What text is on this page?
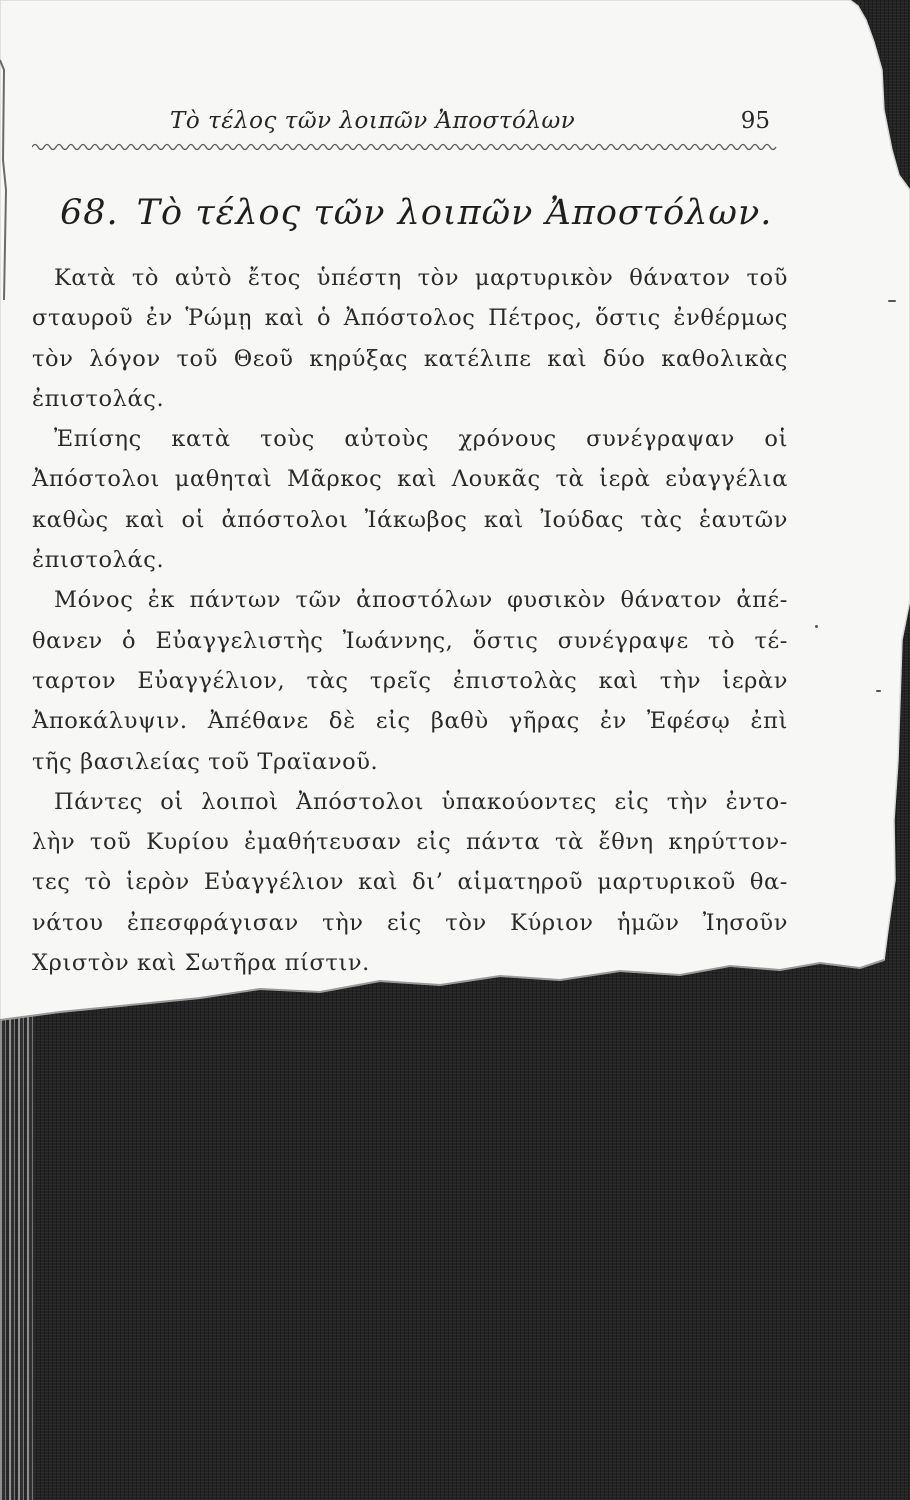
Τὸ τέλος τῶν λοιπῶν Ἀποστόλων	95
68. Τὸ τέλος τῶν λοιπῶν Ἀποστόλων.
Κατὰ τὸ αὐτὸ ἔτος ὑπέστη τὸν μαρτυρικὸν θάνατον τοῦ
σταυροῦ ἐν Ῥώμῃ καὶ ὁ Ἀπόστολος Πέτρος, ὅστις ἐνθέρμως
τὸν λόγον τοῦ Θεοῦ κηρύξας κατέλιπε καὶ δύο καθολικὰς
ἐπιστολάς.
Ἐπίσης κατὰ τοὺς αὐτοὺς χρόνους συνέγραψαν οἱ
Ἀπόστολοι μαθηταὶ Μᾶρκος καὶ Λουκᾶς τὰ ἱερὰ εὐαγγέλια
καθὼς καὶ οἱ ἀπόστολοι Ἰάκωβος καὶ Ἰούδας τὰς ἑαυτῶν
ἐπιστολάς.
Μόνος ἐκ πάντων τῶν ἀποστόλων φυσικὸν θάνατον ἀπέ-
θανεν ὁ Εὐαγγελιστὴς Ἰωάννης, ὅστις συνέγραψε τὸ τέ-
ταρτον Εὐαγγέλιον, τὰς τρεῖς ἐπιστολὰς καὶ τὴν ἱερὰν
Ἀποκάλυψιν. Ἀπέθανε δὲ εἰς βαθὺ γῆρας ἐν Ἐφέσῳ ἐπὶ
τῆς βασιλείας τοῦ Τραϊανοῦ.
Πάντες οἱ λοιποὶ Ἀπόστολοι ὑπακούοντες εἰς τὴν ἐντο-
λὴν τοῦ Κυρίου ἐμαθήτευσαν εἰς πάντα τὰ ἔθνη κηρύττον-
τες τὸ ἱερὸν Εὐαγγέλιον καὶ δι’ αἱματηροῦ μαρτυρικοῦ θα-
νάτου ἐπεσφράγισαν τὴν εἰς τὸν Κύριον ἡμῶν Ἰησοῦν
Χριστὸν καὶ Σωτῆρα πίστιν.
